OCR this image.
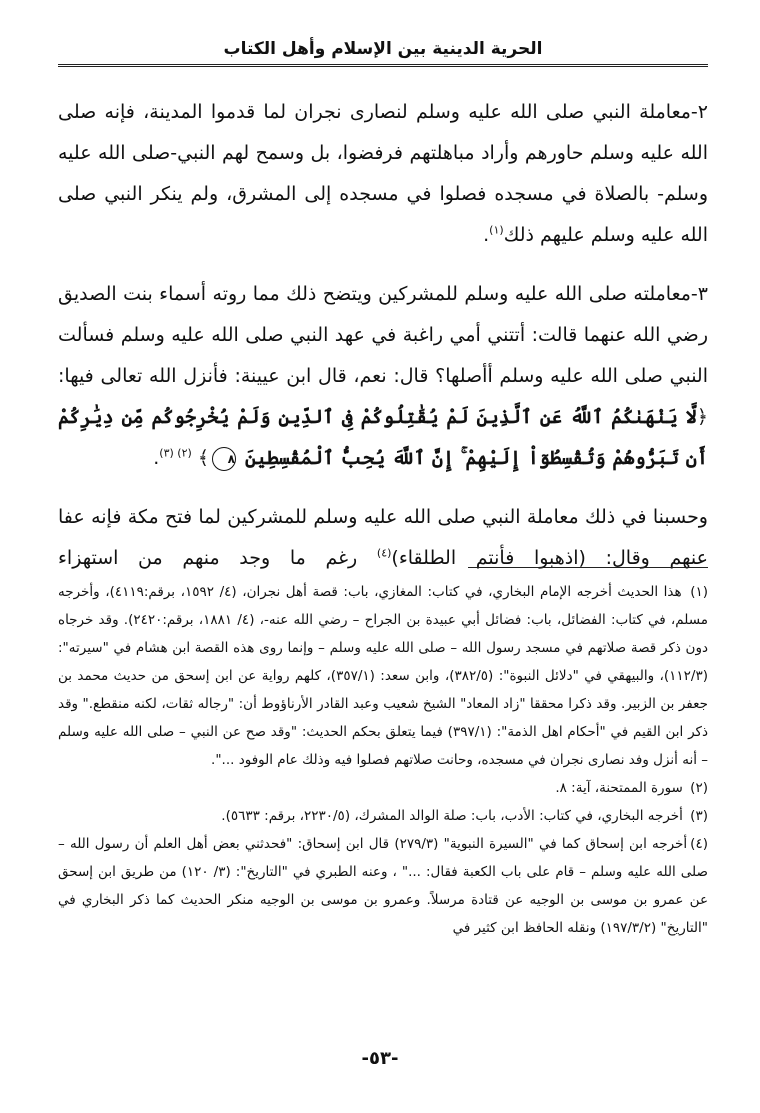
الحرية الدينية بين الإسلام وأهل الكتاب

٢-معاملة النبي صلى الله عليه وسلم لنصارى نجران لما قدموا المدينة، فإنه صلى الله عليه وسلم حاورهم وأراد مباهلتهم فرفضوا، بل وسمح لهم النبي-صلى الله عليه وسلم- بالصلاة في مسجده فصلوا في مسجده إلى المشرق، ولم ينكر النبي صلى الله عليه وسلم عليهم ذلك$^{(١)}$.

٣-معاملته صلى الله عليه وسلم للمشركين ويتضح ذلك مما روته أسماء بنت الصديق رضي الله عنهما قالت: أتتني أمي راغبة في عهد النبي صلى الله عليه وسلم فسألت النبي صلى الله عليه وسلم أأصلها؟ قال: نعم، قال ابن عيينة: فأنزل الله تعالى فيها: ﴿لَّا يَنْهَىٰكُمُ ٱللَّهُ عَنِ ٱلَّذِينَ لَمْ يُقَٰتِلُوكُمْ فِى ٱلدِّينِ وَلَمْ يُخْرِجُوكُم مِّن دِيَٰرِكُمْ أَن تَبَرُّوهُمْ وَتُقْسِطُوٓاْ إِلَيْهِمْ ۚ إِنَّ ٱللَّهَ يُحِبُّ ٱلْمُقْسِطِينَ ٨﴾ $^{(٢) (٣)}$.

وحسبنا في ذلك معاملة النبي صلى الله عليه وسلم للمشركين لما فتح مكة فإنه عفا عنهم وقال: (اذهبوا فأنتم الطلقاء)$^{(٤)}$ رغم ما وجد منهم من استهزاء

(١) هذا الحديث أخرجه الإمام البخاري، في كتاب: المغازي، باب: قصة أهل نجران، (٤/ ١٥٩٢، برقم:٤١١٩)، وأخرجه مسلم، في كتاب: الفضائل، باب: فضائل أبي عبيدة بن الجراح – رضي الله عنه-، (٤/ ١٨٨١، برقم:٢٤٢٠). وقد خرجاه دون ذكر قصة صلاتهم في مسجد رسول الله – صلى الله عليه وسلم – وإنما روى هذه القصة ابن هشام في "سيرته": (١١٢/٣)، والبيهقي في "دلائل النبوة": (٣٨٢/٥)، وابن سعد: (٣٥٧/١)، كلهم رواية عن ابن إسحق من حديث محمد بن جعفر بن الزبير. وقد ذكرا محققا "زاد المعاد" الشيخ شعيب وعبد القادر الأرناؤوط أن: "رجاله ثقات، لكنه منقطع." وقد ذكر ابن القيم في "أحكام اهل الذمة": (٣٩٧/١) فيما يتعلق بحكم الحديث: "وقد صح عن النبي – صلى الله عليه وسلم – أنه أنزل وفد نصارى نجران في مسجده، وحانت صلاتهم فصلوا فيه وذلك عام الوفود ...".

(٢) سورة الممتحنة، آية: ٨.

(٣) أخرجه البخاري، في كتاب: الأدب، باب: صلة الوالد المشرك، (٢٢٣٠/٥، برقم: ٥٦٣٣).

(٤)أخرجه ابن إسحاق كما في "السيرة النبوية" (٢٧٩/٣) قال ابن إسحاق: "فحدثني بعض أهل العلم أن رسول الله – صلى الله عليه وسلم – قام على باب الكعبة فقال: ..." ، وعنه الطبري في "التاريخ": (٣/ ١٢٠) من طريق ابن إسحق عن عمرو بن موسى بن الوجيه عن قتادة مرسلاً. وعمرو بن موسى بن الوجيه منكر الحديث كما ذكر البخاري في "التاريخ" (١٩٧/٣/٢) ونقله الحافظ ابن كثير في

-٥٣-
